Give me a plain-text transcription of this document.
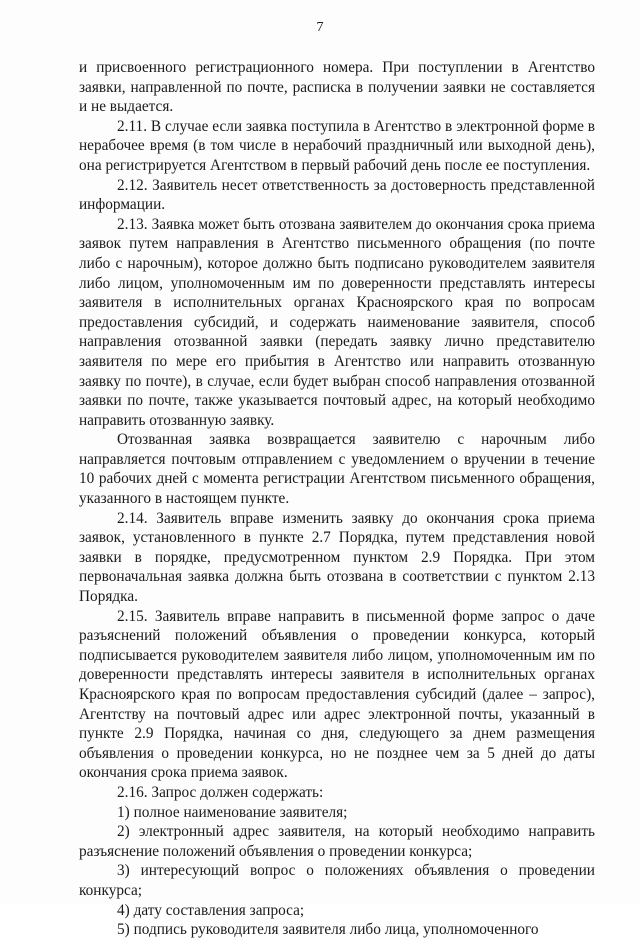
7

и присвоенного регистрационного номера. При поступлении в Агентство заявки, направленной по почте, расписка в получении заявки не составляется и не выдается.

2.11. В случае если заявка поступила в Агентство в электронной форме в нерабочее время (в том числе в нерабочий праздничный или выходной день), она регистрируется Агентством в первый рабочий день после ее поступления.

2.12. Заявитель несет ответственность за достоверность представленной информации.

2.13. Заявка может быть отозвана заявителем до окончания срока приема заявок путем направления в Агентство письменного обращения (по почте либо с нарочным), которое должно быть подписано руководителем заявителя либо лицом, уполномоченным им по доверенности представлять интересы заявителя в исполнительных органах Красноярского края по вопросам предоставления субсидий, и содержать наименование заявителя, способ направления отозванной заявки (передать заявку лично представителю заявителя по мере его прибытия в Агентство или направить отозванную заявку по почте), в случае, если будет выбран способ направления отозванной заявки по почте, также указывается почтовый адрес, на который необходимо направить отозванную заявку.

Отозванная заявка возвращается заявителю с нарочным либо направляется почтовым отправлением с уведомлением о вручении в течение 10 рабочих дней с момента регистрации Агентством письменного обращения, указанного в настоящем пункте.

2.14. Заявитель вправе изменить заявку до окончания срока приема заявок, установленного в пункте 2.7 Порядка, путем представления новой заявки в порядке, предусмотренном пунктом 2.9 Порядка. При этом первоначальная заявка должна быть отозвана в соответствии с пунктом 2.13 Порядка.

2.15. Заявитель вправе направить в письменной форме запрос о даче разъяснений положений объявления о проведении конкурса, который подписывается руководителем заявителя либо лицом, уполномоченным им по доверенности представлять интересы заявителя в исполнительных органах Красноярского края по вопросам предоставления субсидий (далее – запрос), Агентству на почтовый адрес или адрес электронной почты, указанный в пункте 2.9 Порядка, начиная со дня, следующего за днем размещения объявления о проведении конкурса, но не позднее чем за 5 дней до даты окончания срока приема заявок.

2.16. Запрос должен содержать:

1) полное наименование заявителя;

2) электронный адрес заявителя, на который необходимо направить разъяснение положений объявления о проведении конкурса;

3) интересующий вопрос о положениях объявления о проведении конкурса;

4) дату составления запроса;

5) подпись руководителя заявителя либо лица, уполномоченного
